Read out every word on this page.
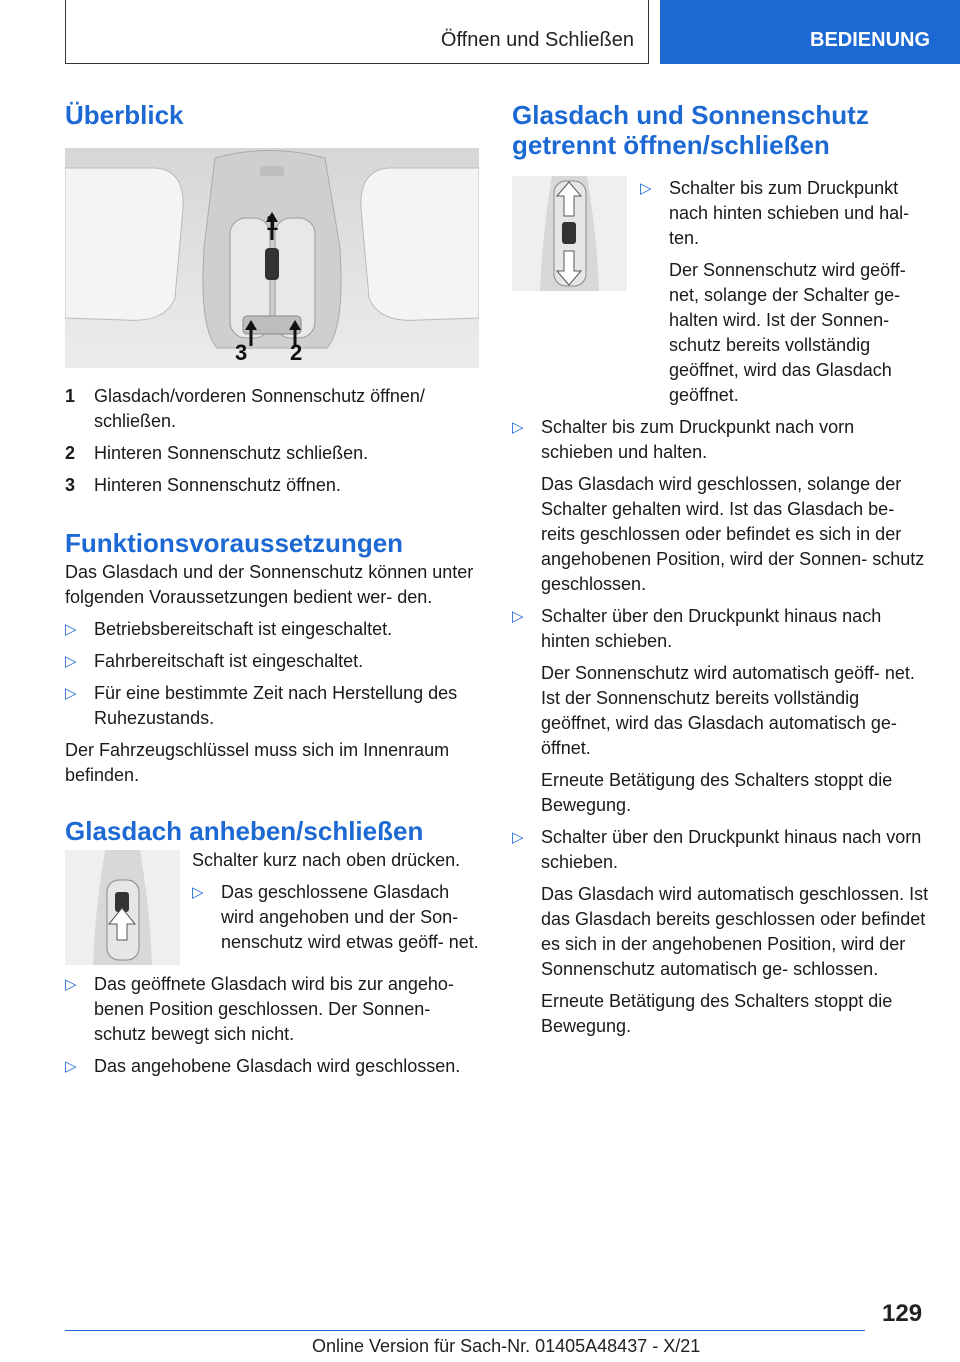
Öffnen und Schließen	BEDIENUNG
Überblick
1
2
3
1	Glasdach/vorderen Sonnenschutz öffnen/ schließen.
2	Hinteren Sonnenschutz schließen.
3	Hinteren Sonnenschutz öffnen.
Funktionsvoraussetzungen

Das Glasdach und der Sonnenschutz können unter folgenden Voraussetzungen bedient wer- den.

▷ Betriebsbereitschaft ist eingeschaltet.
▷ Fahrbereitschaft ist eingeschaltet.
▷ Für eine bestimmte Zeit nach Herstellung des Ruhezustands.

Der Fahrzeugschlüssel muss sich im Innenraum befinden.

Glasdach anheben/schließen

Schalter kurz nach oben drücken.

▷ Das geschlossene Glasdach wird angehoben und der Son- nenschutz wird etwas geöff- net.
▷ Das geöffnete Glasdach wird bis zur angeho- benen Position geschlossen. Der Sonnen- schutz bewegt sich nicht.
▷ Das angehobene Glasdach wird geschlossen.
Glasdach und Sonnenschutz getrennt öffnen/schließen
▷ Schalter bis zum Druckpunkt nach hinten schieben und hal- ten.
Der Sonnenschutz wird geöff- net, solange der Schalter ge- halten wird. Ist der Sonnen- schutz bereits vollständig geöffnet, wird das Glasdach geöffnet.
▷ Schalter bis zum Druckpunkt nach vorn schieben und halten.
Das Glasdach wird geschlossen, solange der Schalter gehalten wird. Ist das Glasdach be- reits geschlossen oder befindet es sich in der angehobenen Position, wird der Sonnen- schutz geschlossen.
▷ Schalter über den Druckpunkt hinaus nach hinten schieben.
Der Sonnenschutz wird automatisch geöff- net. Ist der Sonnenschutz bereits vollständig geöffnet, wird das Glasdach automatisch ge- öffnet.
Erneute Betätigung des Schalters stoppt die Bewegung.
▷ Schalter über den Druckpunkt hinaus nach vorn schieben.
Das Glasdach wird automatisch geschlossen. Ist das Glasdach bereits geschlossen oder befindet es sich in der angehobenen Position, wird der Sonnenschutz automatisch ge- schlossen.
Erneute Betätigung des Schalters stoppt die Bewegung.
129
Online Version für Sach-Nr. 01405A48437 - X/21
